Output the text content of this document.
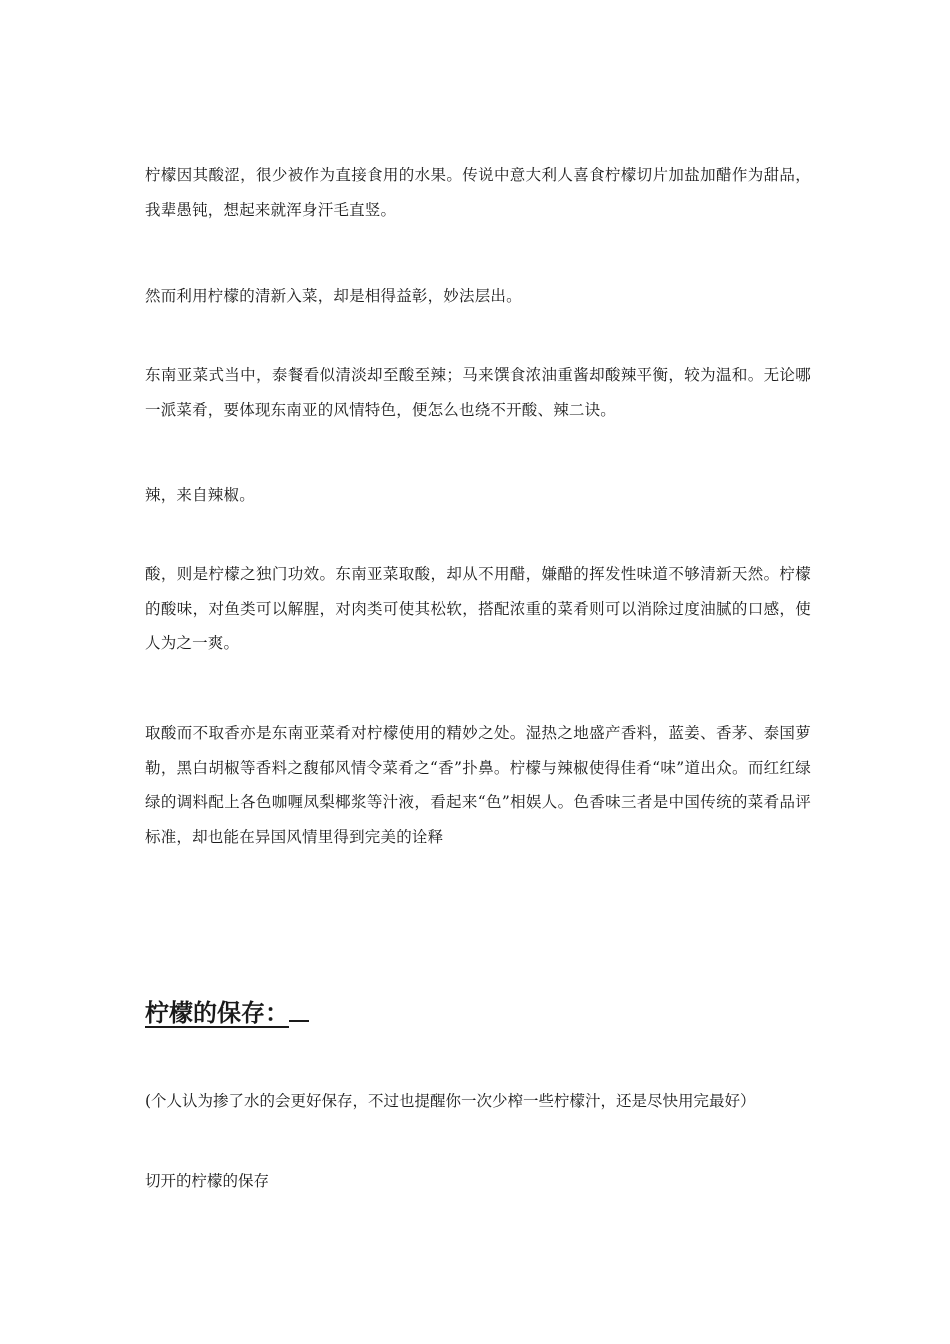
柠檬因其酸涩，很少被作为直接食用的水果。传说中意大利人喜食柠檬切片加盐加醋作为甜品，我辈愚钝，想起来就浑身汗毛直竖。

然而利用柠檬的清新入菜，却是相得益彰，妙法层出。

东南亚菜式当中，泰餐看似清淡却至酸至辣；马来馔食浓油重酱却酸辣平衡，较为温和。无论哪一派菜肴，要体现东南亚的风情特色，便怎么也绕不开酸、辣二诀。

辣，来自辣椒。

酸，则是柠檬之独门功效。东南亚菜取酸，却从不用醋，嫌醋的挥发性味道不够清新天然。柠檬的酸味，对鱼类可以解腥，对肉类可使其松软，搭配浓重的菜肴则可以消除过度油腻的口感，使人为之一爽。

取酸而不取香亦是东南亚菜肴对柠檬使用的精妙之处。湿热之地盛产香料，蓝姜、香茅、泰国萝勒，黑白胡椒等香料之馥郁风情令菜肴之“香”扑鼻。柠檬与辣椒使得佳肴“味”道出众。而红红绿绿的调料配上各色咖喱凤梨椰浆等汁液，看起来“色”相娱人。色香味三者是中国传统的菜肴品评标准，却也能在异国风情里得到完美的诠释

柠檬的保存：

(个人认为掺了水的会更好保存，不过也提醒你一次少榨一些柠檬汁，还是尽快用完最好）

切开的柠檬的保存
